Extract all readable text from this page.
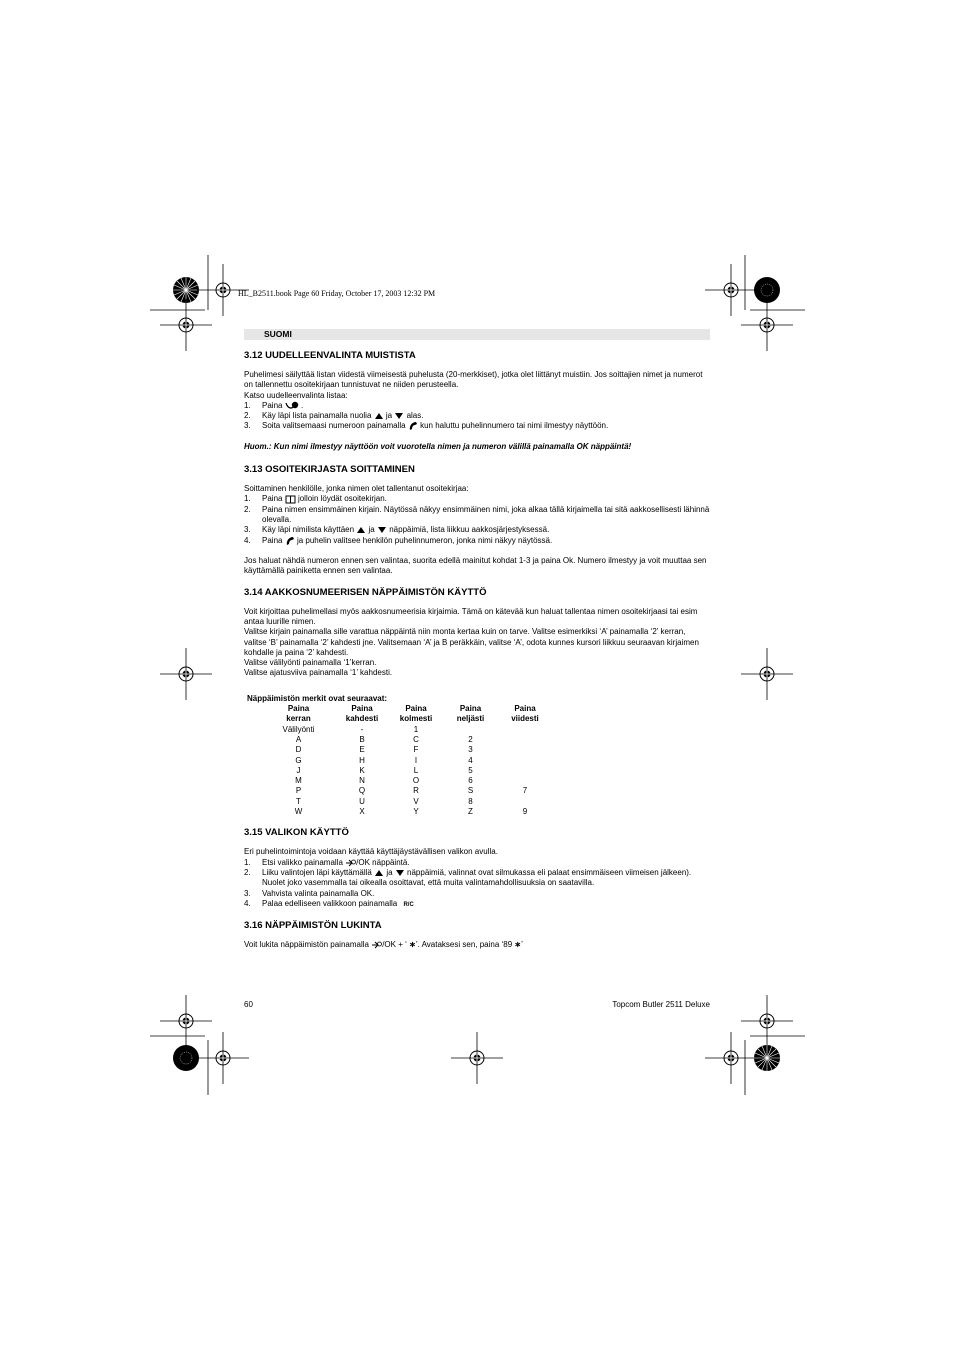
HL_B2511.book Page 60 Friday, October 17, 2003 12:32 PM
SUOMI
3.12 UUDELLEENVALINTA MUISTISTA

Puhelimesi säilyttää listan viidestä viimeisestä puhelusta (20-merkkiset), jotka olet liittänyt muistiin. Jos soittajien nimet ja numerot on tallennettu osoitekirjaan tunnistuvat ne niiden perusteella.

Katso uudelleenvalinta listaa:

1.	Paina .
2.	Käy läpi lista painamalla nuolia ja alas.
3.	Soita valitsemaasi numeroon painamalla kun haluttu puhelinnumero tai nimi ilmestyy näyttöön.

Huom.: Kun nimi ilmestyy näyttöön voit vuorotella nimen ja numeron välillä painamalla OK näppäintä!

3.13 OSOITEKIRJASTA SOITTAMINEN

Soittaminen henkilölle, jonka nimen olet tallentanut osoitekirjaa:

1.	Paina jolloin löydät osoitekirjan.
2.	Paina nimen ensimmäinen kirjain. Näytössä näkyy ensimmäinen nimi, joka alkaa tällä kirjaimella tai sitä aakkosellisesti lähinnä olevalla.
3.	Käy läpi nimilista käyttäen ja näppäimiä, lista liikkuu aakkosjärjestyksessä.
4.	Paina ja puhelin valitsee henkilön puhelinnumeron, jonka nimi näkyy näytössä.

Jos haluat nähdä numeron ennen sen valintaa, suorita edellä mainitut kohdat 1-3 ja paina Ok. Numero ilmestyy ja voit muuttaa sen käyttämällä painiketta ennen sen valintaa.

3.14 AAKKOSNUMEERISEN NÄPPÄIMISTÖN KÄYTTÖ

Voit kirjoittaa puhelimellasi myös aakkosnumeerisia kirjaimia. Tämä on kätevää kun haluat tallentaa nimen osoitekirjaasi tai esim antaa luurille nimen.

Valitse kirjain painamalla sille varattua näppäintä niin monta kertaa kuin on tarve. Valitse esimerkiksi ‘A’ painamalla ‘2’ kerran, valitse ‘B’ painamalla ‘2’ kahdesti jne. Valitsemaan ‘A’ ja B peräkkäin, valitse ‘A’, odota kunnes kursori liikkuu seuraavan kirjaimen kohdalle ja paina ‘2’ kahdesti.

Valitse välilyönti painamalla ‘1’kerran.

Valitse ajatusviiva painamalla ‘1’ kahdesti.

Näppäimistön merkit ovat seuraavat:

Paina	Paina	Paina	Paina	Paina
kerran	kahdesti	kolmesti	neljästi	viidesti
Välilyönti	-	1		
A	B	C	2	
D	E	F	3	
G	H	I	4	
J	K	L	5	
M	N	O	6	
P	Q	R	S	7
T	U	V	8	
W	X	Y	Z	9
3.15 VALIKON KÄYTTÖ

Eri puhelintoimintoja voidaan käyttää käyttäjäystävällisen valikon avulla.

1.	Etsi valikko painamalla /OK näppäintä.
2.	Liiku valintojen läpi käyttämällä ja näppäimiä, valinnat ovat silmukassa eli palaat ensimmäiseen viimeisen jälkeen). Nuolet joko vasemmalla tai oikealla osoittavat, että muita valintamahdollisuuksia on saatavilla.
3.	Vahvista valinta painamalla OK.
4.	Palaa edelliseen valikkoon painamalla R/C
3.16 NÄPPÄIMISTÖN LUKINTA

Voit lukita näppäimistön painamalla /OK + ‘ ∗’. Avataksesi sen, paina ‘89 ∗’

60	Topcom Butler 2511 Deluxe
